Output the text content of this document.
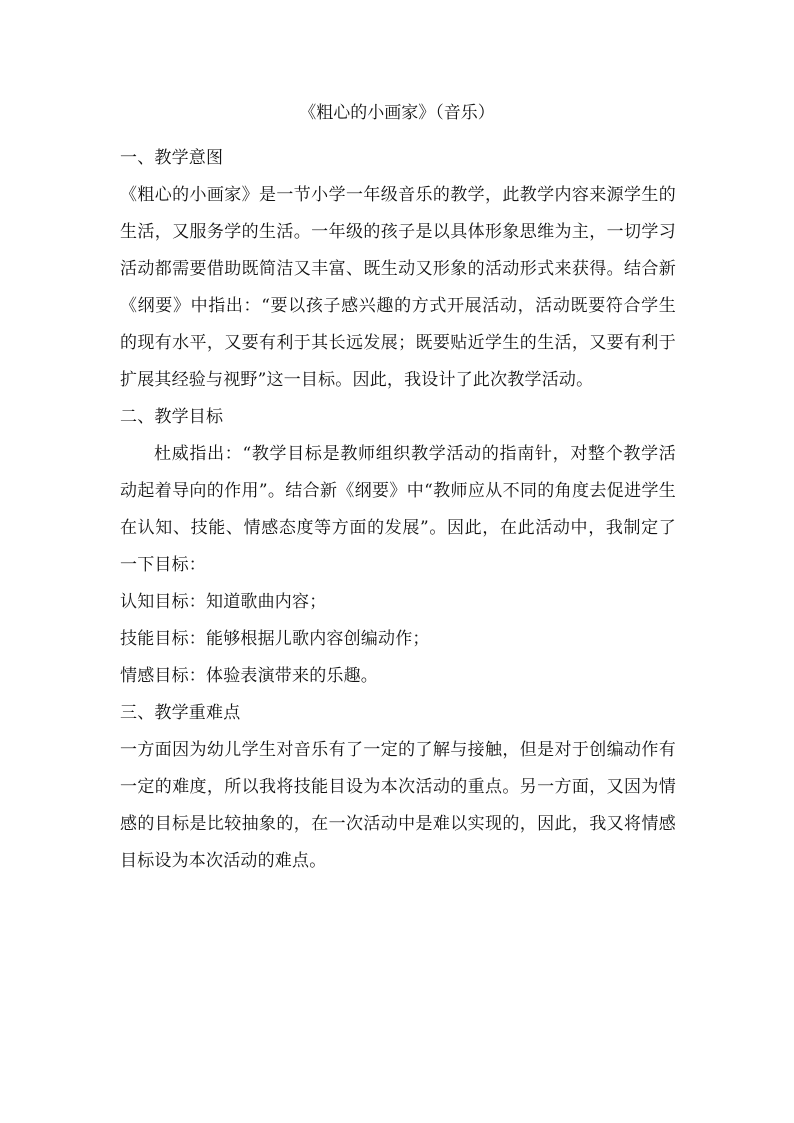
《粗心的小画家》（音乐）

一、教学意图

《粗心的小画家》是一节小学一年级音乐的教学，此教学内容来源学生的生活，又服务学的生活。一年级的孩子是以具体形象思维为主，一切学习活动都需要借助既简洁又丰富、既生动又形象的活动形式来获得。结合新《纲要》中指出：“要以孩子感兴趣的方式开展活动，活动既要符合学生的现有水平，又要有利于其长远发展；既要贴近学生的生活，又要有利于扩展其经验与视野”这一目标。因此，我设计了此次教学活动。

二、教学目标

杜威指出：“教学目标是教师组织教学活动的指南针，对整个教学活动起着导向的作用”。结合新《纲要》中“教师应从不同的角度去促进学生在认知、技能、情感态度等方面的发展”。因此，在此活动中，我制定了一下目标：

认知目标：知道歌曲内容；

技能目标：能够根据儿歌内容创编动作；

情感目标：体验表演带来的乐趣。

三、教学重难点

一方面因为幼儿学生对音乐有了一定的了解与接触，但是对于创编动作有一定的难度，所以我将技能目设为本次活动的重点。另一方面，又因为情感的目标是比较抽象的，在一次活动中是难以实现的，因此，我又将情感目标设为本次活动的难点。
